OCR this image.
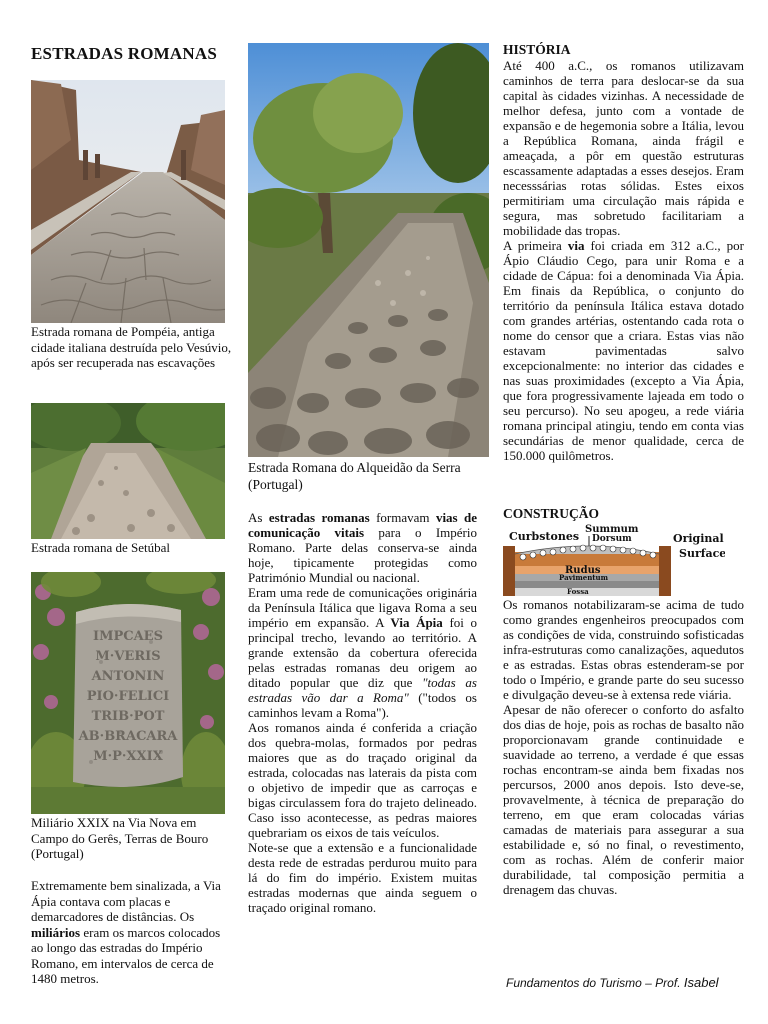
ESTRADAS ROMANAS
Estrada romana de Pompéia, antiga cidade italiana destruída pelo Vesúvio, após ser recuperada nas escavações
Estrada romana de Setúbal
IMPCAES
M·VERIS
ANTONIN
PIO·FELICI
TRIB·POT
AB·BRACARA
M·P·XXIX
Miliário XXIX na Via Nova em Campo do Gerês, Terras de Bouro (Portugal)
Extremamente bem sinalizada, a Via Ápia contava com placas e demarcadores de distâncias. Os miliários eram os marcos colocados ao longo das estradas do Império Romano, em intervalos de cerca de 1480 metros.
Estrada Romana do Alqueidão da Serra (Portugal)

As estradas romanas formavam vias de comunicação vitais para o Império Romano. Parte delas conserva-se ainda hoje, tipicamente protegidas como Património Mundial ou nacional.

Eram uma rede de comunicações originária da Península Itálica que ligava Roma a seu império em expansão. A Via Ápia foi o principal trecho, levando ao território. A grande extensão da cobertura oferecida pelas estradas romanas deu origem ao ditado popular que diz que "todas as estradas vão dar a Roma" ("todos os caminhos levam a Roma").

Aos romanos ainda é conferida a criação dos quebra-molas, formados por pedras maiores que as do traçado original da estrada, colocadas nas laterais da pista com o objetivo de impedir que as carroças e bigas circulassem fora do trajeto delineado. Caso isso acontecesse, as pedras maiores quebrariam os eixos de tais veículos.

Note-se que a extensão e a funcionalidade desta rede de estradas perdurou muito para lá do fim do império. Existem muitas estradas modernas que ainda seguem o traçado original romano.

HISTÓRIA

Até 400 a.C., os romanos utilizavam caminhos de terra para deslocar-se da sua capital às cidades vizinhas. A necessidade de melhor defesa, junto com a vontade de expansão e de hegemonia sobre a Itália, levou a República Romana, ainda frágil e ameaçada, a pôr em questão estruturas escassamente adaptadas a esses desejos. Eram necesssárias rotas sólidas. Estes eixos permitiriam uma circulação mais rápida e segura, mas sobretudo facilitariam a mobilidade das tropas.

A primeira via foi criada em 312 a.C., por Ápio Cláudio Cego, para unir Roma e a cidade de Cápua: foi a denominada Via Ápia. Em finais da República, o conjunto do território da península Itálica estava dotado com grandes artérias, ostentando cada rota o nome do censor que a criara. Estas vias não estavam pavimentadas salvo excepcionalmente: no interior das cidades e nas suas proximidades (excepto a Via Ápia, que fora progressivamente lajeada em todo o seu percurso). No seu apogeu, a rede viária romana principal atingiu, tendo em conta vias secundárias de menor qualidade, cerca de 150.000 quilômetros.

CONSTRUÇÃO
Curbstones
Summum
Dorsum	Original
Surface
Rudus
Pavimentum
Fossa

Os romanos notabilizaram-se acima de tudo como grandes engenheiros preocupados com as condições de vida, construindo sofisticadas infra-estruturas como canalizações, aquedutos e as estradas. Estas obras estenderam-se por todo o Império, e grande parte do seu sucesso e divulgação deveu-se à extensa rede viária.

Apesar de não oferecer o conforto do asfalto dos dias de hoje, pois as rochas de basalto não proporcionavam grande continuidade e suavidade ao terreno, a verdade é que essas rochas encontram-se ainda bem fixadas nos percursos, 2000 anos depois. Isto deve-se, provavelmente, à técnica de preparação do terreno, em que eram colocadas várias camadas de materiais para assegurar a sua estabilidade e, só no final, o revestimento, com as rochas. Além de conferir maior durabilidade, tal composição permitia a drenagem das chuvas.

Fundamentos do Turismo – Prof. Isabel
